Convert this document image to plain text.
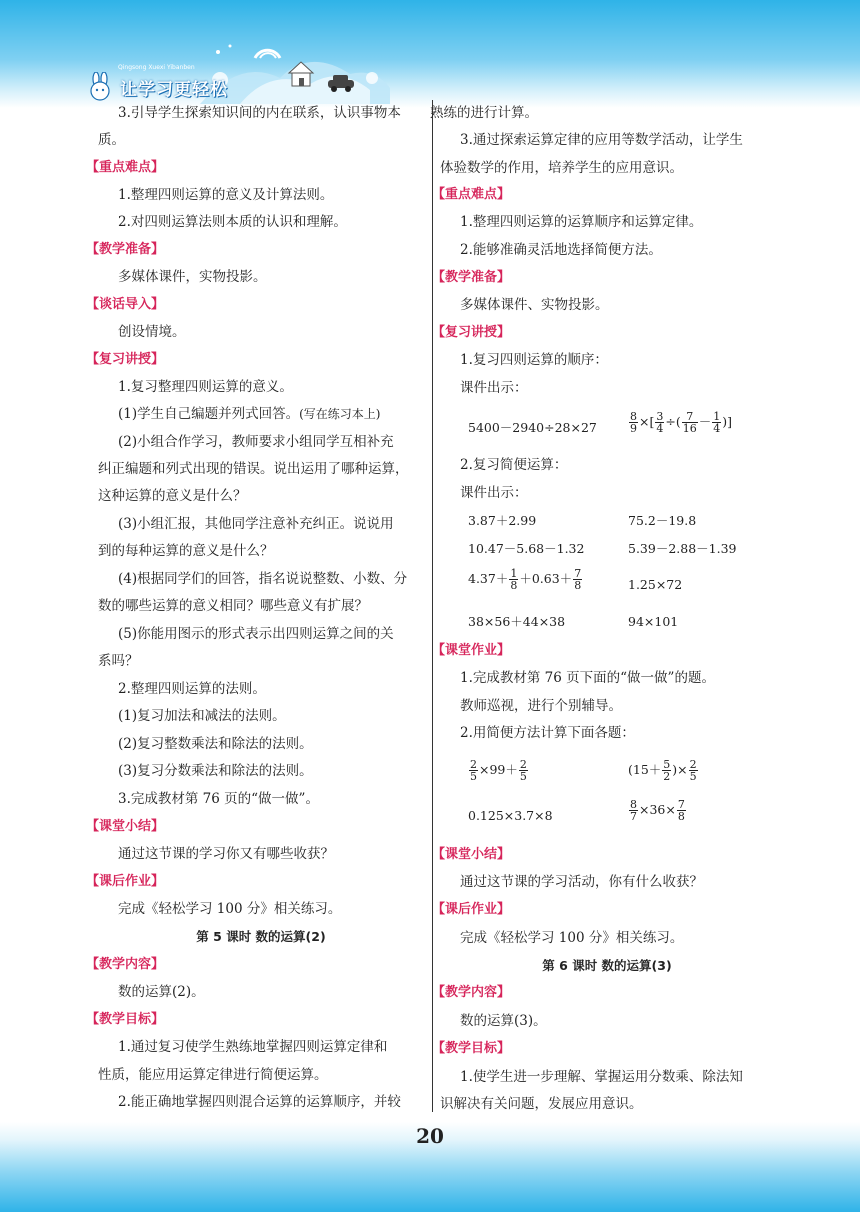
Qingsong Xuexi Yibanben
让学习更轻松
3.引导学生探索知识间的内在联系，认识事物本
质。
【重点难点】
1.整理四则运算的意义及计算法则。
2.对四则运算法则本质的认识和理解。
【教学准备】
多媒体课件，实物投影。
【谈话导入】
创设情境。
【复习讲授】
1.复习整理四则运算的意义。
(1)学生自己编题并列式回答。(写在练习本上)
(2)小组合作学习，教师要求小组同学互相补充
纠正编题和列式出现的错误。说出运用了哪种运算，
这种运算的意义是什么？
(3)小组汇报，其他同学注意补充纠正。说说用
到的每种运算的意义是什么？
(4)根据同学们的回答，指名说说整数、小数、分
数的哪些运算的意义相同？哪些意义有扩展？
(5)你能用图示的形式表示出四则运算之间的关
系吗？
2.整理四则运算的法则。
(1)复习加法和减法的法则。
(2)复习整数乘法和除法的法则。
(3)复习分数乘法和除法的法则。
3.完成教材第 76 页的“做一做”。
【课堂小结】
通过这节课的学习你又有哪些收获？
【课后作业】
完成《轻松学习 100 分》相关练习。
第 5 课时 数的运算(2)
【教学内容】
数的运算(2)。
【教学目标】
1.通过复习使学生熟练地掌握四则运算定律和
性质，能应用运算定律进行简便运算。
2.能正确地掌握四则混合运算的运算顺序，并较
熟练的进行计算。
3.通过探索运算定律的应用等数学活动，让学生
体验数学的作用，培养学生的应用意识。
【重点难点】
1.整理四则运算的运算顺序和运算定律。
2.能够准确灵活地选择简便方法。
【教学准备】
多媒体课件、实物投影。
【复习讲授】
1.复习四则运算的顺序：
课件出示：
5400－2940÷28×27	$\frac{8}{9}$ ×[ $\frac{3}{4}$ ÷( $\frac{7}{16} - \frac{1}{4}$ )]
2.复习简便运算：
课件出示：
3.87＋2.99	75.2－19.8
10.47－5.68－1.32	5.39－2.88－1.39
$4.37+ \frac{1}{8} +0.63+ \frac{7}{8}$	1.25×72
38×56＋44×38	94×101
【课堂作业】
1.完成教材第 76 页下面的“做一做”的题。
教师巡视，进行个别辅导。
2.用简便方法计算下面各题：
$\frac{2}{5} \times 99+ \frac{2}{5}$	($15+ \frac{5}{2}$ )× $\frac{2}{5}$
0.125×3.7×8	$\frac{8}{7} \times 36\times \frac{7}{8}$
【课堂小结】
通过这节课的学习活动，你有什么收获？
【课后作业】
完成《轻松学习 100 分》相关练习。
第 6 课时 数的运算(3)
【教学内容】
数的运算(3)。
【教学目标】
1.使学生进一步理解、掌握运用分数乘、除法知
识解决有关问题，发展应用意识。
20
